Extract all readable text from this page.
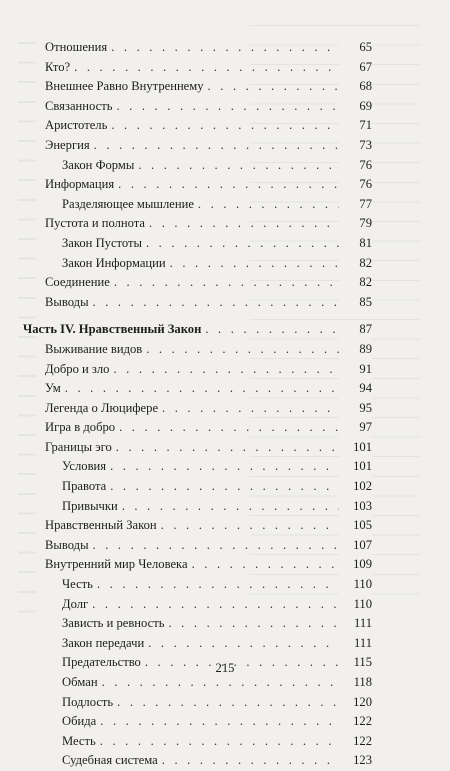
Отношения . . .	65
Кто? . . .	67
Внешнее Равно Внутреннему . . .	68
Связанность . . .	69
Аристотель . . .	71
Энергия . . .	73
Закон Формы . . .	76
Информация . . .	76
Разделяющее мышление . . .	77
Пустота и полнота . . .	79
Закон Пустоты . . .	81
Закон Информации . . .	82
Соединение . . .	82
Выводы . . .	85
Часть IV. Нравственный Закон . . .	87
Выживание видов . . .	89
Добро и зло . . .	91
Ум . . .	94
Легенда о Люцифере . . .	95
Игра в добро . . .	97
Границы эго . . .	101
Условия . . .	101
Правота . . .	102
Привычки . . .	103
Нравственный Закон . . .	105
Выводы . . .	107
Внутренний мир Человека . . .	109
Честь . . .	110
Долг . . .	110
Зависть и ревность . . .	111
Закон передачи . . .	111
Предательство . . .	115
Обман . . .	118
Подлость . . .	120
Обида . . .	122
Месть . . .	122
Судебная система . . .	123
215
